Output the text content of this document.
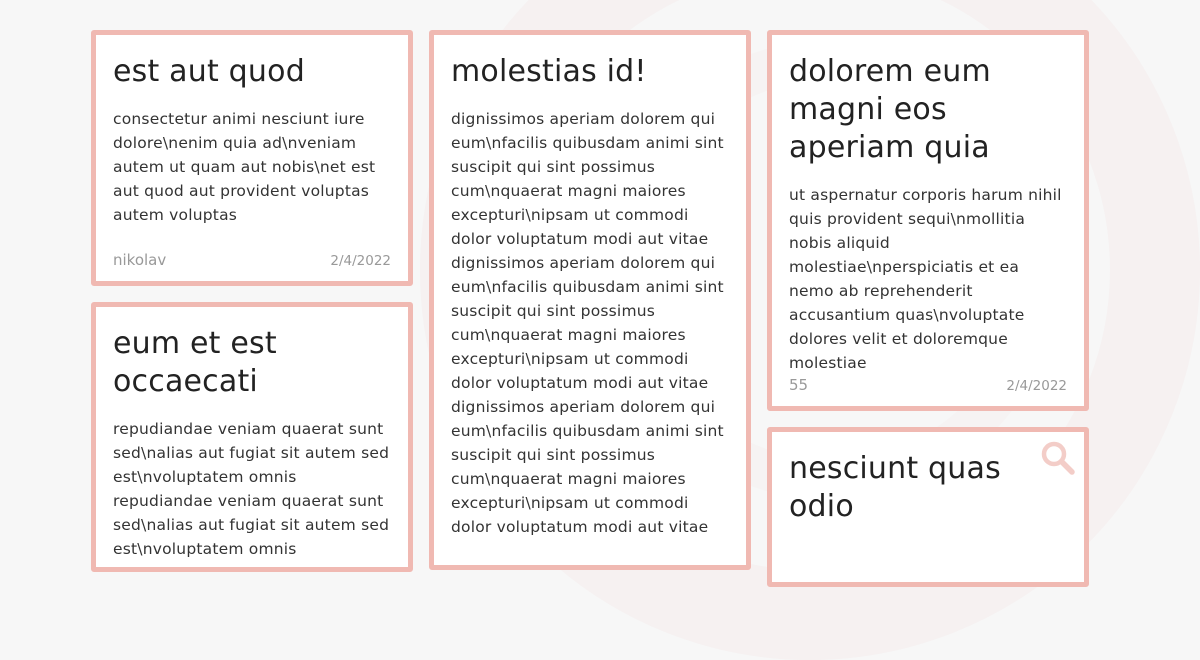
est aut quod

consectetur animi nesciunt iure dolore\nenim quia ad\nveniam autem ut quam aut nobis\net est aut quod aut provident voluptas autem voluptas

nikolav	2/4/2022
eum et est occaecati

repudiandae veniam quaerat sunt sed\nalias aut fugiat sit autem sed est\nvoluptatem omnis repudiandae veniam quaerat sunt sed\nalias aut fugiat sit autem sed est\nvoluptatem omnis

molestias id!

dignissimos aperiam dolorem qui eum\nfacilis quibusdam animi sint suscipit qui sint possimus cum\nquaerat magni maiores excepturi\nipsam ut commodi dolor voluptatum modi aut vitae dignissimos aperiam dolorem qui eum\nfacilis quibusdam animi sint suscipit qui sint possimus cum\nquaerat magni maiores excepturi\nipsam ut commodi dolor voluptatum modi aut vitae dignissimos aperiam dolorem qui eum\nfacilis quibusdam animi sint suscipit qui sint possimus cum\nquaerat magni maiores excepturi\nipsam ut commodi dolor voluptatum modi aut vitae

dolorem eum magni eos aperiam quia

ut aspernatur corporis harum nihil quis provident sequi\nmollitia nobis aliquid molestiae\nperspiciatis et ea nemo ab reprehenderit accusantium quas\nvoluptate dolores velit et doloremque molestiae

55	2/4/2022
nesciunt quas odio
